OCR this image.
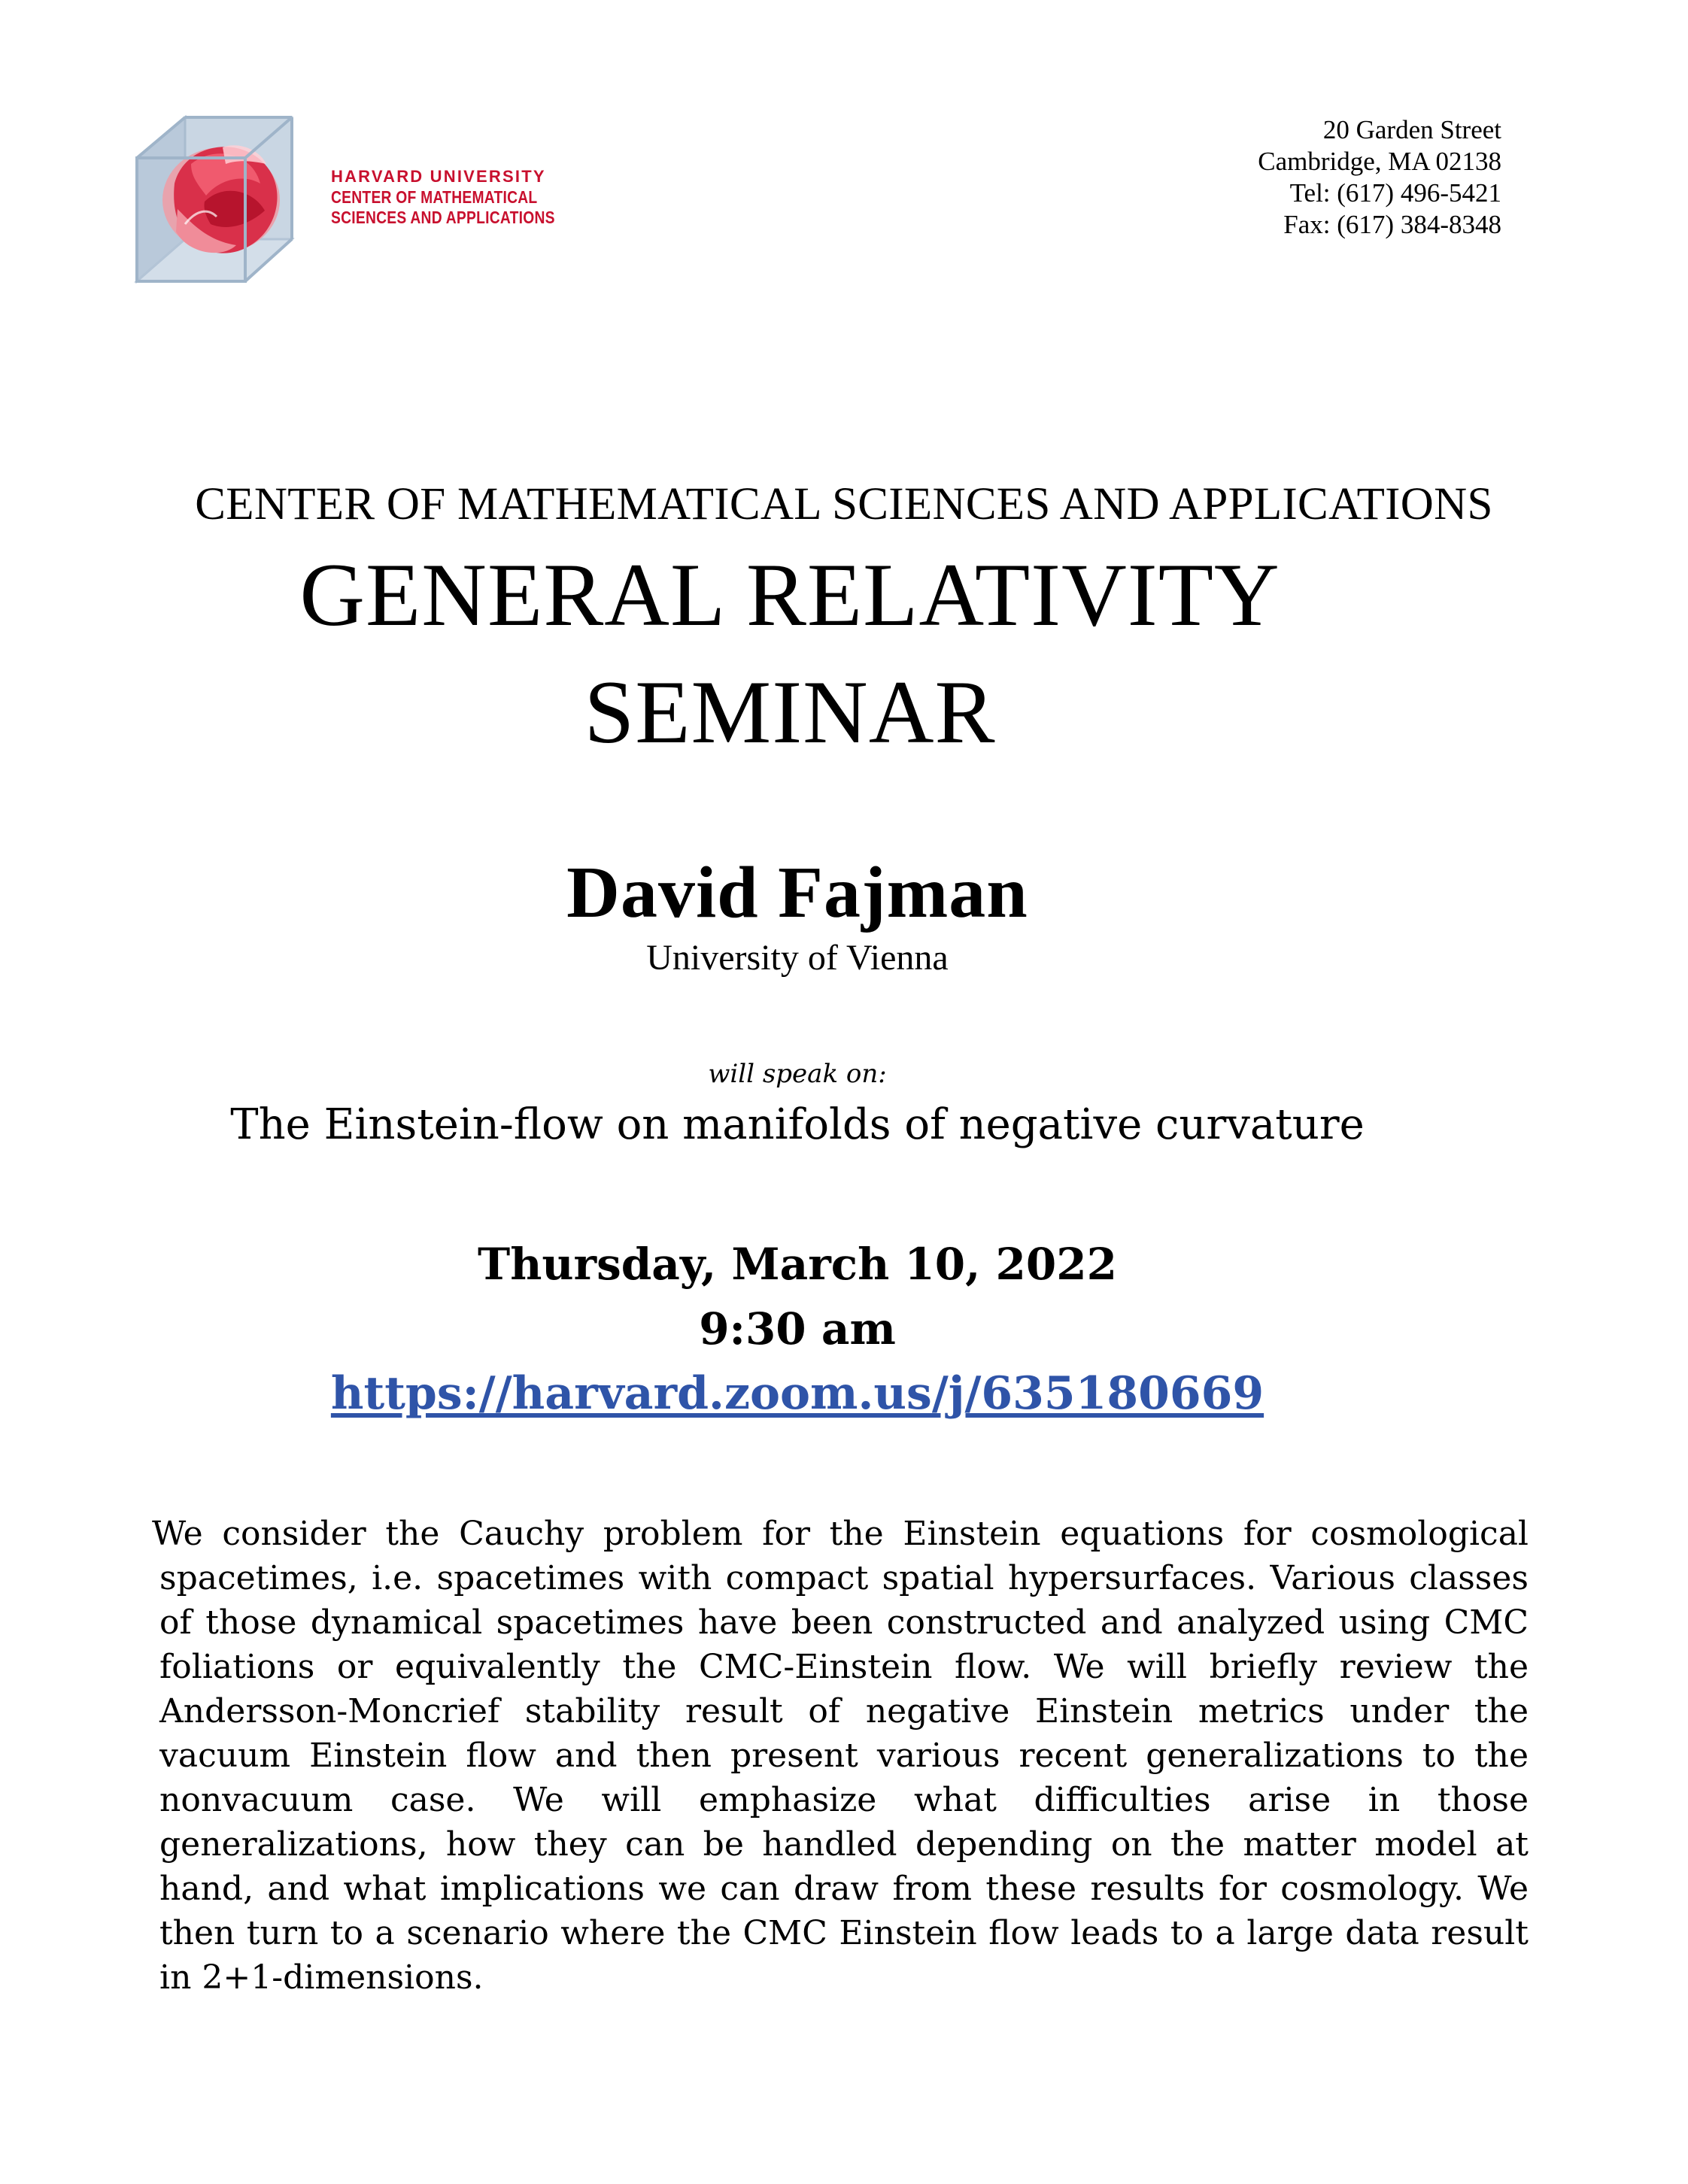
HARVARD UNIVERSITY
CENTER OF MATHEMATICAL
SCIENCES AND APPLICATIONS
20 Garden Street
Cambridge, MA 02138
Tel: (617) 496-5421
Fax: (617) 384-8348
CENTER OF MATHEMATICAL SCIENCES AND APPLICATIONS
GENERAL RELATIVITY
SEMINAR
David Fajman
University of Vienna
will speak on:
The Einstein-flow on manifolds of negative curvature
Thursday, March 10, 2022
9:30 am
https://harvard.zoom.us/j/635180669
We consider the Cauchy problem for the Einstein equations for cosmological spacetimes, i.e. spacetimes with compact spatial hypersurfaces. Various classes of those dynamical spacetimes have been constructed and analyzed using CMC foliations or equivalently the CMC-Einstein flow. We will briefly review the Andersson-Moncrief stability result of negative Einstein metrics under the vacuum Einstein flow and then present various recent generalizations to the nonvacuum case. We will emphasize what difficulties arise in those generalizations, how they can be handled depending on the matter model at hand, and what implications we can draw from these results for cosmology. We then turn to a scenario where the CMC Einstein flow leads to a large data result in 2+1-dimensions.
